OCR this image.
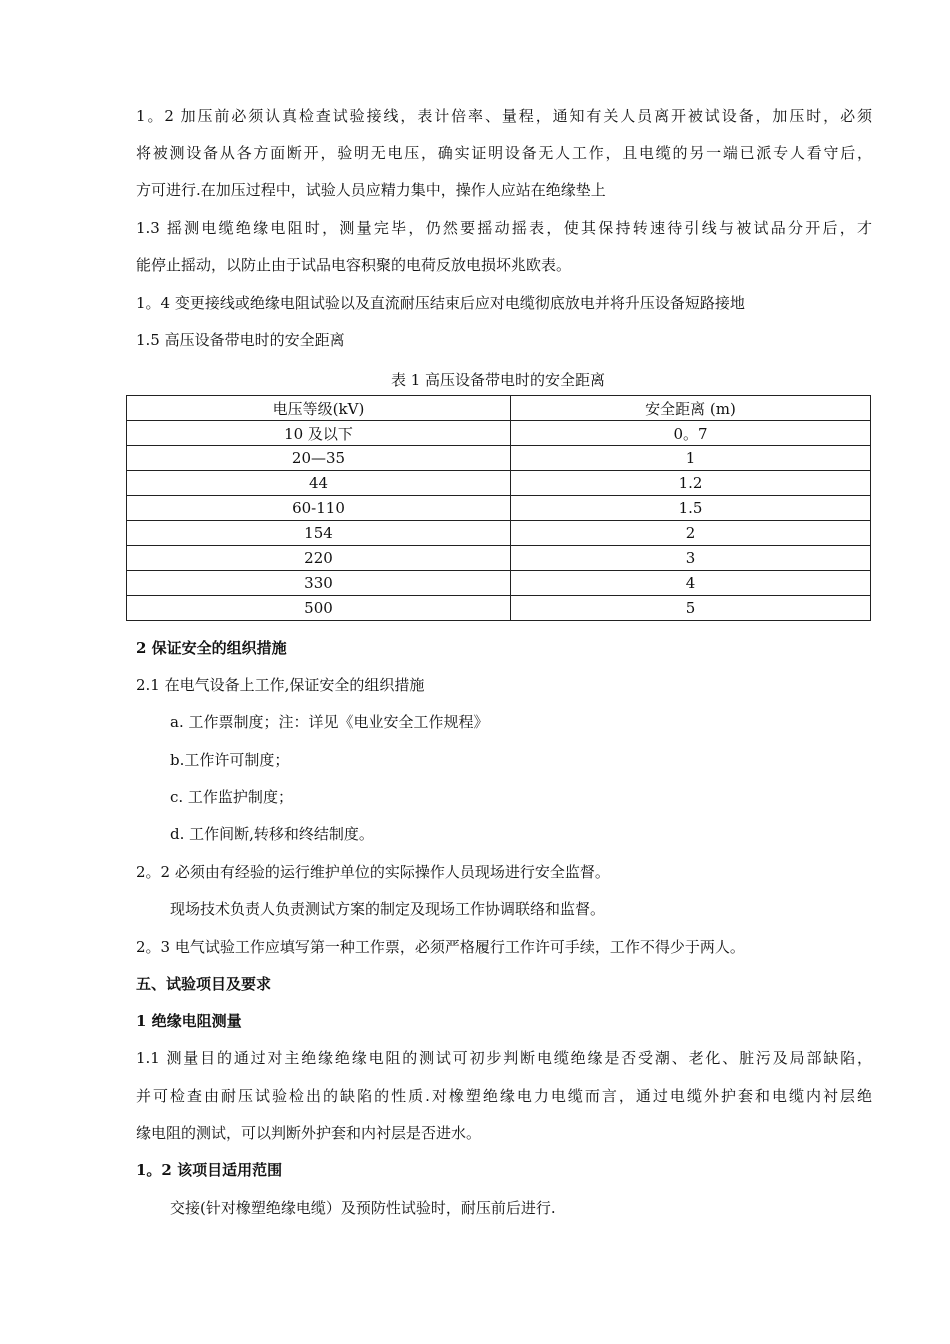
1。2 加压前必须认真检查试验接线，表计倍率、量程，通知有关人员离开被试设备，加压时，必须

将被测设备从各方面断开，验明无电压，确实证明设备无人工作，且电缆的另一端已派专人看守后，

方可进行.在加压过程中，试验人员应精力集中，操作人应站在绝缘垫上

1.3 摇测电缆绝缘电阻时，测量完毕，仍然要摇动摇表，使其保持转速待引线与被试品分开后，才

能停止摇动，以防止由于试品电容积聚的电荷反放电损坏兆欧表。

1。4 变更接线或绝缘电阻试验以及直流耐压结束后应对电缆彻底放电并将升压设备短路接地

1.5 高压设备带电时的安全距离

表 1 高压设备带电时的安全距离
电压等级(kV)	安全距离 (m)
10 及以下	0。7
20—35	1
44	1.2
60-110	1.5
154	2
220	3
330	4
500	5

2 保证安全的组织措施

2.1 在电气设备上工作,保证安全的组织措施

a. 工作票制度；注：详见《电业安全工作规程》

b.工作许可制度；

c. 工作监护制度；

d. 工作间断,转移和终结制度。

2。2 必须由有经验的运行维护单位的实际操作人员现场进行安全监督。

现场技术负责人负责测试方案的制定及现场工作协调联络和监督。

2。3 电气试验工作应填写第一种工作票，必须严格履行工作许可手续，工作不得少于两人。

五、试验项目及要求

1 绝缘电阻测量

1.1 测量目的通过对主绝缘绝缘电阻的测试可初步判断电缆绝缘是否受潮、老化、脏污及局部缺陷，

并可检查由耐压试验检出的缺陷的性质.对橡塑绝缘电力电缆而言，通过电缆外护套和电缆内衬层绝

缘电阻的测试，可以判断外护套和内衬层是否进水。

1。2 该项目适用范围

交接(针对橡塑绝缘电缆）及预防性试验时，耐压前后进行.
